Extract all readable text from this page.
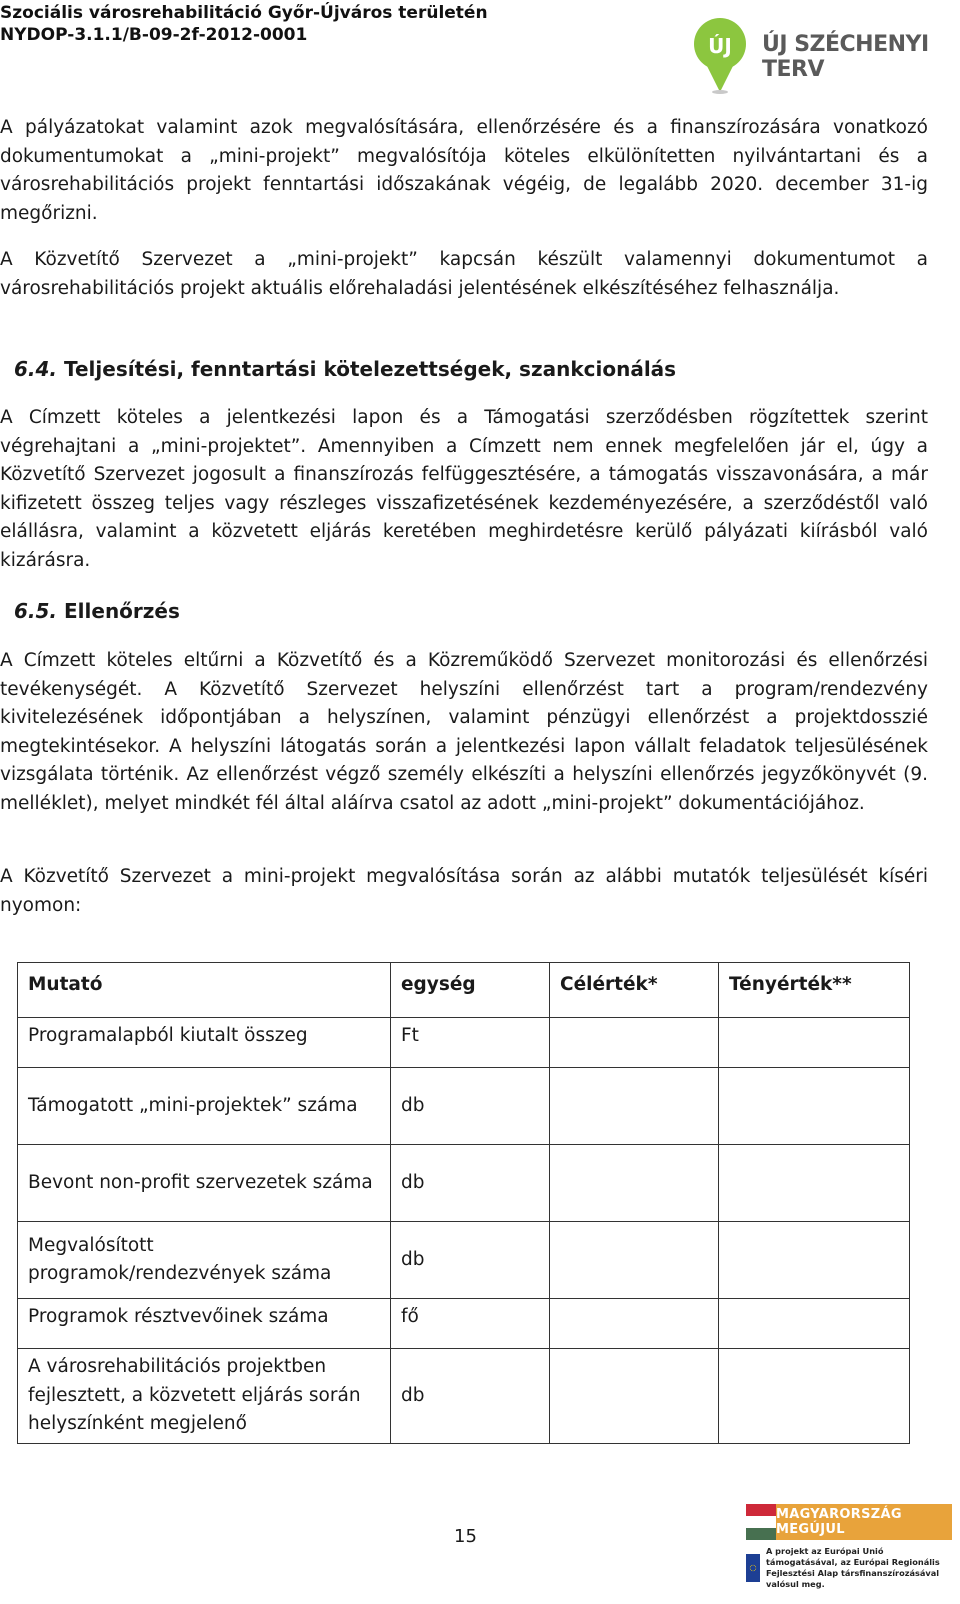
Szociális városrehabilitáció Győr-Újváros területén
NYDOP-3.1.1/B-09-2f-2012-0001	ÚJ ÚJ SZÉCHENYI TERV
A pályázatokat valamint azok megvalósítására, ellenőrzésére és a finanszírozására vonatkozó dokumentumokat a „mini-projekt” megvalósítója köteles elkülönítetten nyilvántartani és a városrehabilitációs projekt fenntartási időszakának végéig, de legalább 2020. december 31-ig megőrizni.
A Közvetítő Szervezet a „mini-projekt” kapcsán készült valamennyi dokumentumot a városrehabilitációs projekt aktuális előrehaladási jelentésének elkészítéséhez felhasználja.
6.4. Teljesítési, fenntartási kötelezettségek, szankcionálás
A Címzett köteles a jelentkezési lapon és a Támogatási szerződésben rögzítettek szerint végrehajtani a „mini-projektet”. Amennyiben a Címzett nem ennek megfelelően jár el, úgy a Közvetítő Szervezet jogosult a finanszírozás felfüggesztésére, a támogatás visszavonására, a már kifizetett összeg teljes vagy részleges visszafizetésének kezdeményezésére, a szerződéstől való elállásra, valamint a közvetett eljárás keretében meghirdetésre kerülő pályázati kiírásból való kizárásra.
6.5. Ellenőrzés
A Címzett köteles eltűrni a Közvetítő és a Közreműködő Szervezet monitorozási és ellenőrzési tevékenységét. A Közvetítő Szervezet helyszíni ellenőrzést tart a program/rendezvény kivitelezésének időpontjában a helyszínen, valamint pénzügyi ellenőrzést a projektdosszié megtekintésekor. A helyszíni látogatás során a jelentkezési lapon vállalt feladatok teljesülésének vizsgálata történik. Az ellenőrzést végző személy elkészíti a helyszíni ellenőrzés jegyzőkönyvét (9. melléklet), melyet mindkét fél által aláírva csatol az adott „mini-projekt” dokumentációjához.
A Közvetítő Szervezet a mini-projekt megvalósítása során az alábbi mutatók teljesülését kíséri nyomon:
Mutató	egység	Célérték*	Tényérték**
Programalapból kiutalt összeg	Ft		
Támogatott „mini-projektek” száma	db		
Bevont non-profit szervezetek száma	db		
Megvalósított programok/rendezvények száma	db		
Programok résztvevőinek száma	fő		
A városrehabilitációs projektben fejlesztett, a közvetett eljárás során helyszínként megjelenő	db		
15
MAGYARORSZÁG MEGÚJUL
A projekt az Európai Unió támogatásával, az Európai Regionális Fejlesztési Alap társfinanszírozásával valósul meg.
